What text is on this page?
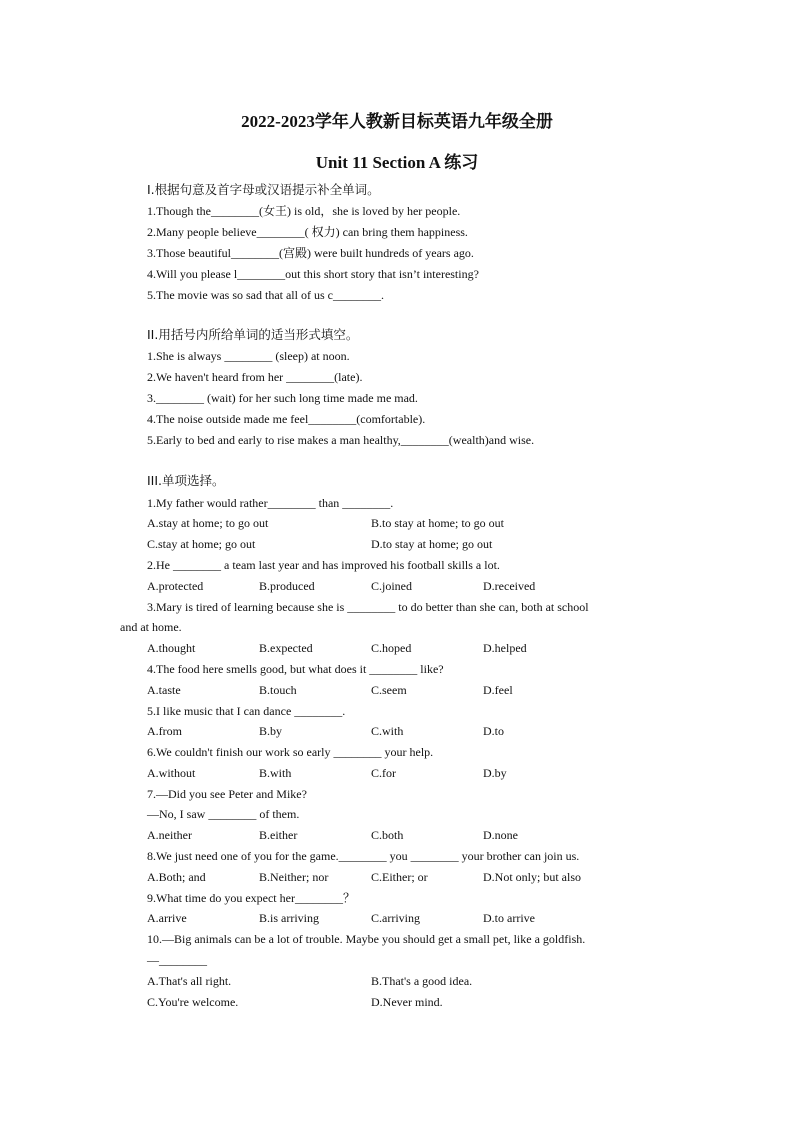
2022-2023学年人教新目标英语九年级全册
Unit 11 Section A 练习
I.根据句意及首字母或汉语提示补全单词。
1.Though the________(女王) is old，she is loved by her people.
2.Many people believe________( 权力) can bring them happiness.
3.Those beautiful________(宫殿) were built hundreds of years ago.
4.Will you please l________out this short story that isn’t interesting?
5.The movie was so sad that all of us c________.
II.用括号内所给单词的适当形式填空。
1.She is always ________ (sleep) at noon.
2.We haven't heard from her ________(late).
3.________ (wait) for her such long time made me mad.
4.The noise outside made me feel________(comfortable).
5.Early to bed and early to rise makes a man healthy,________(wealth)and wise.
III.单项选择。
1.My father would rather________ than ________.
A.stay at home; to go out	B.to stay at home; to go out
C.stay at home; go out	D.to stay at home; go out
2.He ________ a team last year and has improved his football skills a lot.
A.protected	B.produced	C.joined	D.received
3.Mary is tired of learning because she is ________ to do better than she can, both at school
and at home.
A.thought	B.expected	C.hoped	D.helped
4.The food here smells good, but what does it ________ like?
A.taste	B.touch	C.seem	D.feel
5.I like music that I can dance ________.
A.from	B.by	C.with	D.to
6.We couldn't finish our work so early ________ your help.
A.without	B.with	C.for	D.by
7.—Did you see Peter and Mike?
—No, I saw ________ of them.
A.neither	B.either	C.both	D.none
8.We just need one of you for the game.________ you ________ your brother can join us.
A.Both; and	B.Neither; nor	C.Either; or	D.Not only; but also
9.What time do you expect her________？
A.arrive	B.is arriving	C.arriving	D.to arrive
10.—Big animals can be a lot of trouble. Maybe you should get a small pet, like a goldfish.
—________
A.That's all right.	B.That's a good idea.
C.You're welcome.	D.Never mind.
